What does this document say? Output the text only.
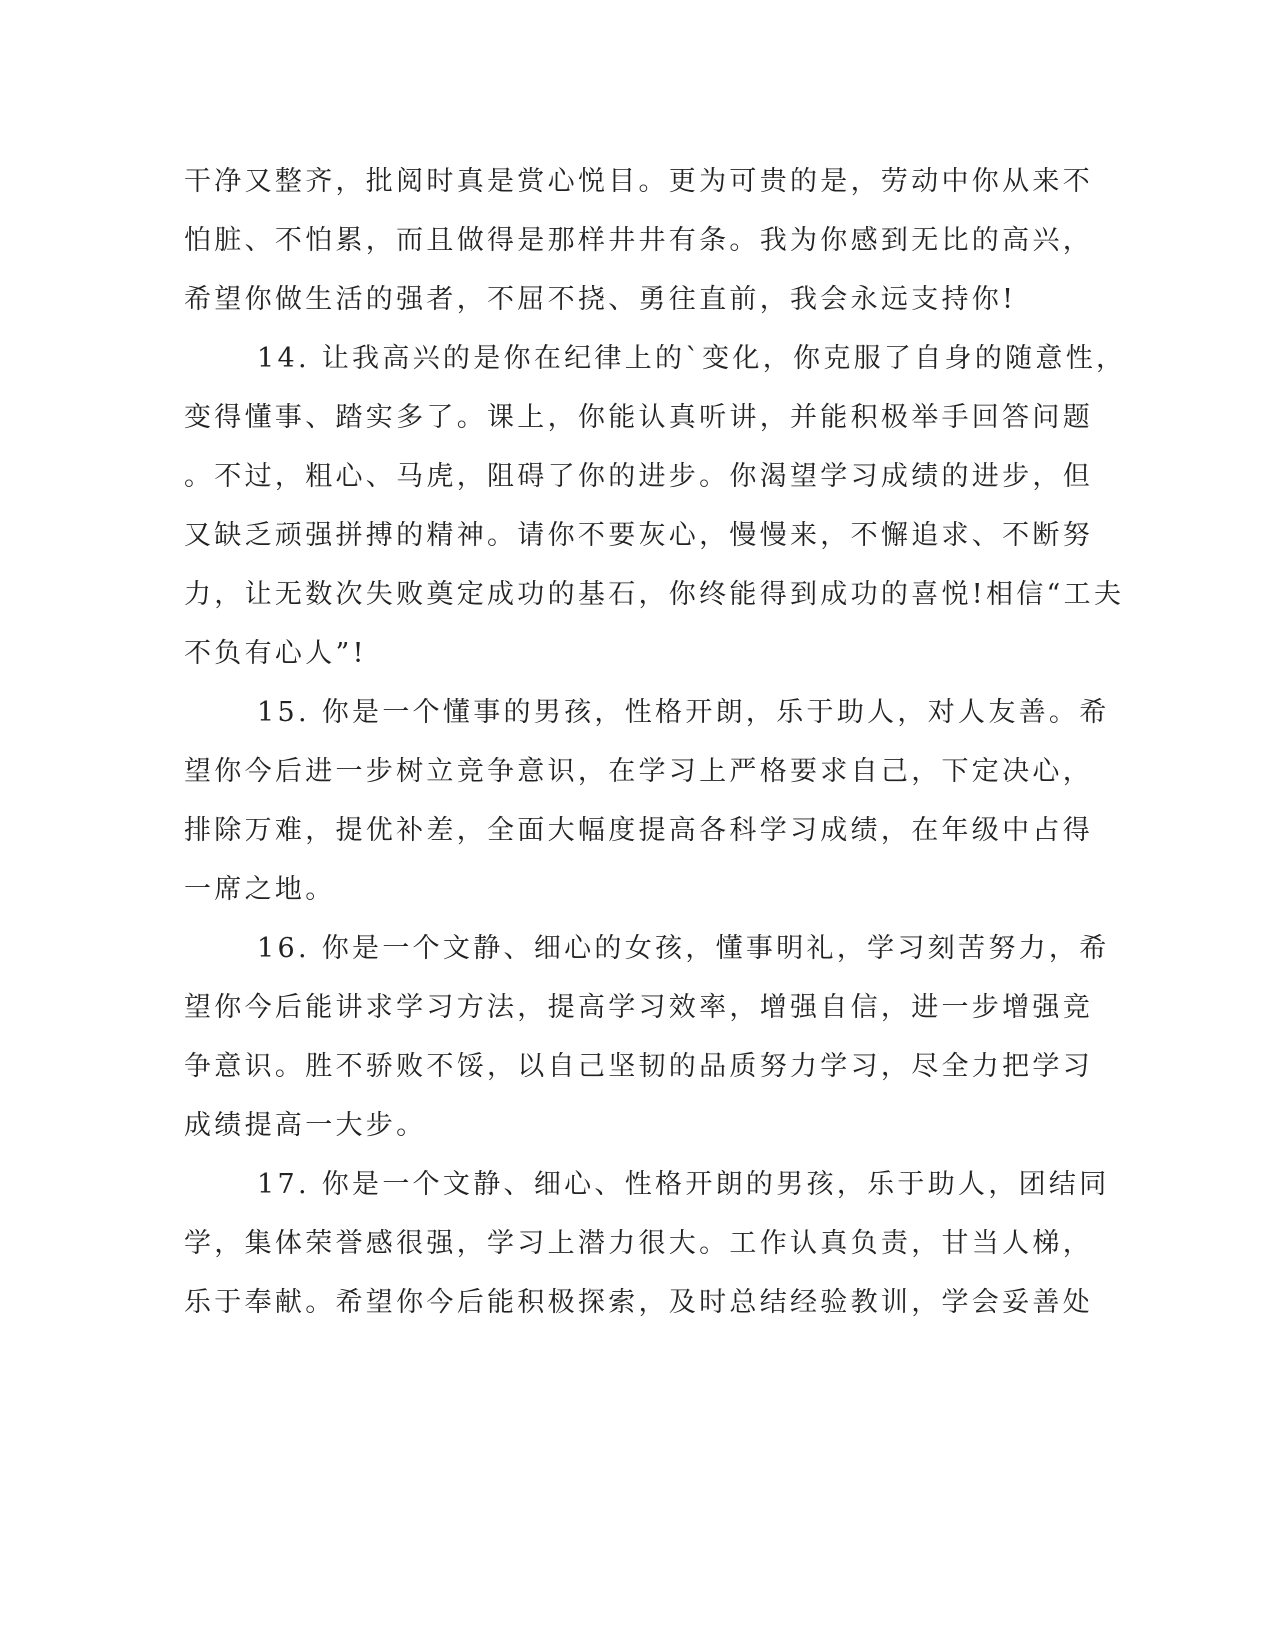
干净又整齐，批阅时真是赏心悦目。更为可贵的是，劳动中你从来不
怕脏、不怕累，而且做得是那样井井有条。我为你感到无比的高兴，
希望你做生活的强者，不屈不挠、勇往直前，我会永远支持你!
14. 让我高兴的是你在纪律上的`变化，你克服了自身的随意性，
变得懂事、踏实多了。课上，你能认真听讲，并能积极举手回答问题
。不过，粗心、马虎，阻碍了你的进步。你渴望学习成绩的进步，但
又缺乏顽强拼搏的精神。请你不要灰心，慢慢来，不懈追求、不断努
力，让无数次失败奠定成功的基石，你终能得到成功的喜悦!相信“工夫
不负有心人”!
15. 你是一个懂事的男孩，性格开朗，乐于助人，对人友善。希
望你今后进一步树立竞争意识，在学习上严格要求自己，下定决心，
排除万难，提优补差，全面大幅度提高各科学习成绩，在年级中占得
一席之地。
16. 你是一个文静、细心的女孩，懂事明礼，学习刻苦努力，希
望你今后能讲求学习方法，提高学习效率，增强自信，进一步增强竞
争意识。胜不骄败不馁，以自己坚韧的品质努力学习，尽全力把学习
成绩提高一大步。
17. 你是一个文静、细心、性格开朗的男孩，乐于助人，团结同
学，集体荣誉感很强，学习上潜力很大。工作认真负责，甘当人梯，
乐于奉献。希望你今后能积极探索，及时总结经验教训，学会妥善处
